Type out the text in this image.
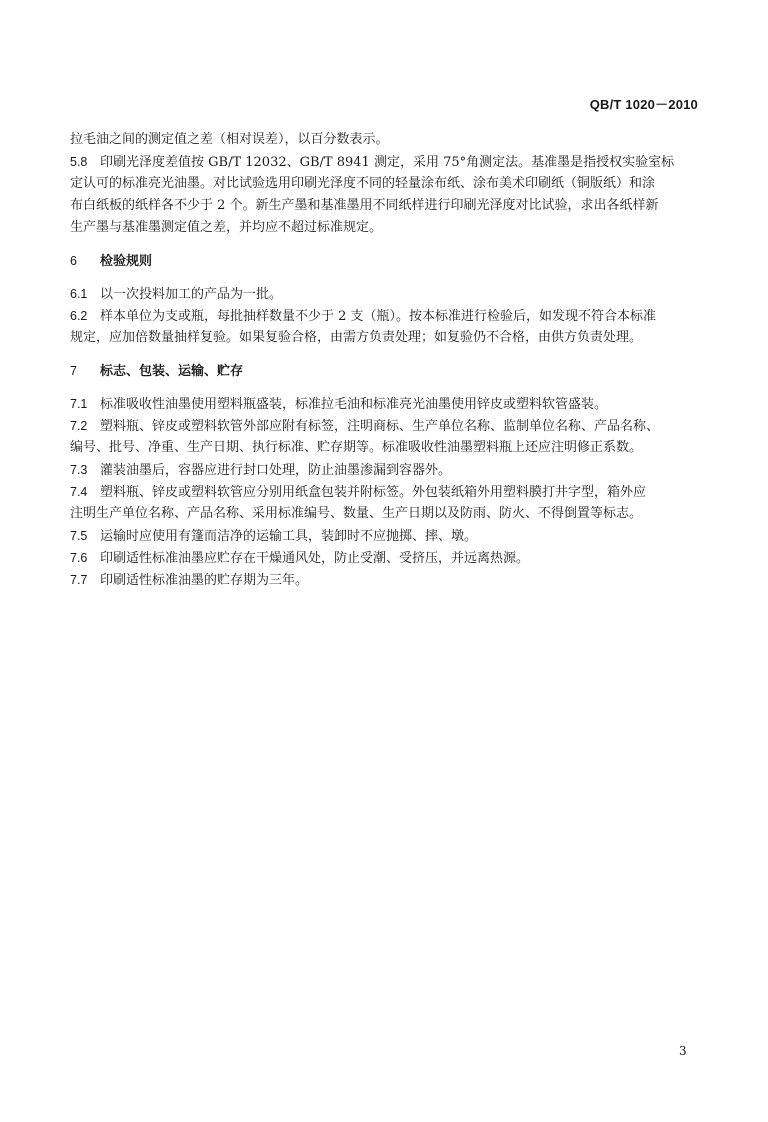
QB/T 1020－2010
拉毛油之间的测定值之差（相对误差），以百分数表示。
5.8 印刷光泽度差值按 GB/T 12032、GB/T 8941 测定，采用 75°角测定法。基准墨是指授权实验室标
定认可的标准亮光油墨。对比试验选用印刷光泽度不同的轻量涂布纸、涂布美术印刷纸（铜版纸）和涂
布白纸板的纸样各不少于 2 个。新生产墨和基准墨用不同纸样进行印刷光泽度对比试验，求出各纸样新
生产墨与基准墨测定值之差，并均应不超过标准规定。
6 检验规则
6.1 以一次投料加工的产品为一批。
6.2 样本单位为支或瓶，每批抽样数量不少于 2 支（瓶）。按本标准进行检验后，如发现不符合本标准
规定，应加倍数量抽样复验。如果复验合格，由需方负责处理；如复验仍不合格，由供方负责处理。
7 标志、包装、运输、贮存
7.1 标准吸收性油墨使用塑料瓶盛装，标准拉毛油和标准亮光油墨使用锌皮或塑料软管盛装。
7.2 塑料瓶、锌皮或塑料软管外部应附有标签，注明商标、生产单位名称、监制单位名称、产品名称、
编号、批号、净重、生产日期、执行标准、贮存期等。标准吸收性油墨塑料瓶上还应注明修正系数。
7.3 灌装油墨后，容器应进行封口处理，防止油墨渗漏到容器外。
7.4 塑料瓶、锌皮或塑料软管应分别用纸盒包装并附标签。外包装纸箱外用塑料膜打井字型，箱外应
注明生产单位名称、产品名称、采用标准编号、数量、生产日期以及防雨、防火、不得倒置等标志。
7.5 运输时应使用有篷而洁净的运输工具，装卸时不应抛掷、摔、墩。
7.6 印刷适性标准油墨应贮存在干燥通风处，防止受潮、受挤压，并远离热源。
7.7 印刷适性标准油墨的贮存期为三年。
3
